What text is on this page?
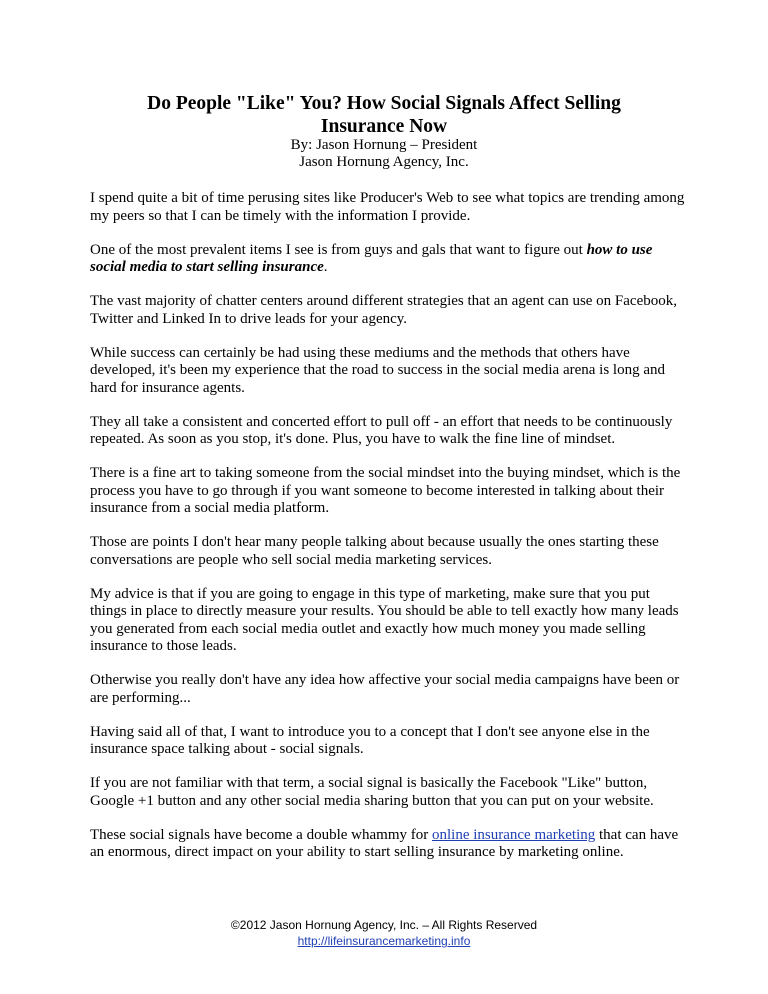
Do People "Like" You? How Social Signals Affect Selling
Insurance Now
By: Jason Hornung – President
Jason Hornung Agency, Inc.

I spend quite a bit of time perusing sites like Producer's Web to see what topics are trending among my peers so that I can be timely with the information I provide.

One of the most prevalent items I see is from guys and gals that want to figure out how to use social media to start selling insurance.

The vast majority of chatter centers around different strategies that an agent can use on Facebook, Twitter and Linked In to drive leads for your agency.

While success can certainly be had using these mediums and the methods that others have developed, it's been my experience that the road to success in the social media arena is long and hard for insurance agents.

They all take a consistent and concerted effort to pull off - an effort that needs to be continuously repeated. As soon as you stop, it's done. Plus, you have to walk the fine line of mindset.

There is a fine art to taking someone from the social mindset into the buying mindset, which is the process you have to go through if you want someone to become interested in talking about their insurance from a social media platform.

Those are points I don't hear many people talking about because usually the ones starting these conversations are people who sell social media marketing services.

My advice is that if you are going to engage in this type of marketing, make sure that you put things in place to directly measure your results. You should be able to tell exactly how many leads you generated from each social media outlet and exactly how much money you made selling insurance to those leads.

Otherwise you really don't have any idea how affective your social media campaigns have been or are performing...

Having said all of that, I want to introduce you to a concept that I don't see anyone else in the insurance space talking about - social signals.

If you are not familiar with that term, a social signal is basically the Facebook "Like" button, Google +1 button and any other social media sharing button that you can put on your website.

These social signals have become a double whammy for online insurance marketing that can have an enormous, direct impact on your ability to start selling insurance by marketing online.

©2012 Jason Hornung Agency, Inc. – All Rights Reserved
http://lifeinsurancemarketing.info
